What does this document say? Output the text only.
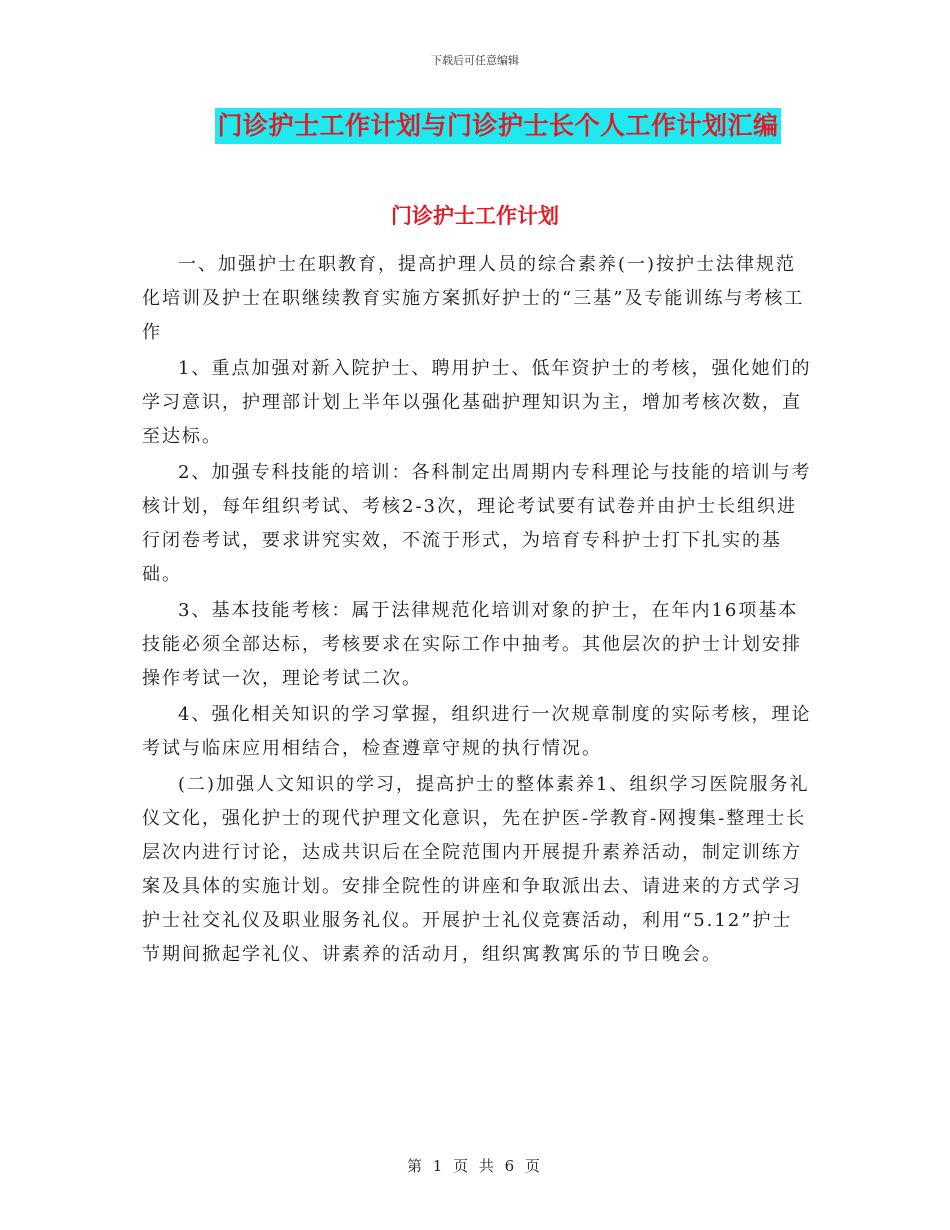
下载后可任意编辑
门诊护士工作计划与门诊护士长个人工作计划汇编
门诊护士工作计划

一、加强护士在职教育，提高护理人员的综合素养(一)按护士法律规范化培训及护士在职继续教育实施方案抓好护士的“三基”及专能训练与考核工作

1、重点加强对新入院护士、聘用护士、低年资护士的考核，强化她们的学习意识，护理部计划上半年以强化基础护理知识为主，增加考核次数，直至达标。

2、加强专科技能的培训：各科制定出周期内专科理论与技能的培训与考核计划，每年组织考试、考核2-3次，理论考试要有试卷并由护士长组织进行闭卷考试，要求讲究实效，不流于形式，为培育专科护士打下扎实的基础。

3、基本技能考核：属于法律规范化培训对象的护士，在年内16项基本技能必须全部达标，考核要求在实际工作中抽考。其他层次的护士计划安排操作考试一次，理论考试二次。

4、强化相关知识的学习掌握，组织进行一次规章制度的实际考核，理论考试与临床应用相结合，检查遵章守规的执行情况。

(二)加强人文知识的学习，提高护士的整体素养1、组织学习医院服务礼仪文化，强化护士的现代护理文化意识，先在护医-学教育-网搜集-整理士长层次内进行讨论，达成共识后在全院范围内开展提升素养活动，制定训练方案及具体的实施计划。安排全院性的讲座和争取派出去、请进来的方式学习护士社交礼仪及职业服务礼仪。开展护士礼仪竞赛活动，利用“5.12”护士节期间掀起学礼仪、讲素养的活动月，组织寓教寓乐的节日晚会。

第 1 页 共 6 页
